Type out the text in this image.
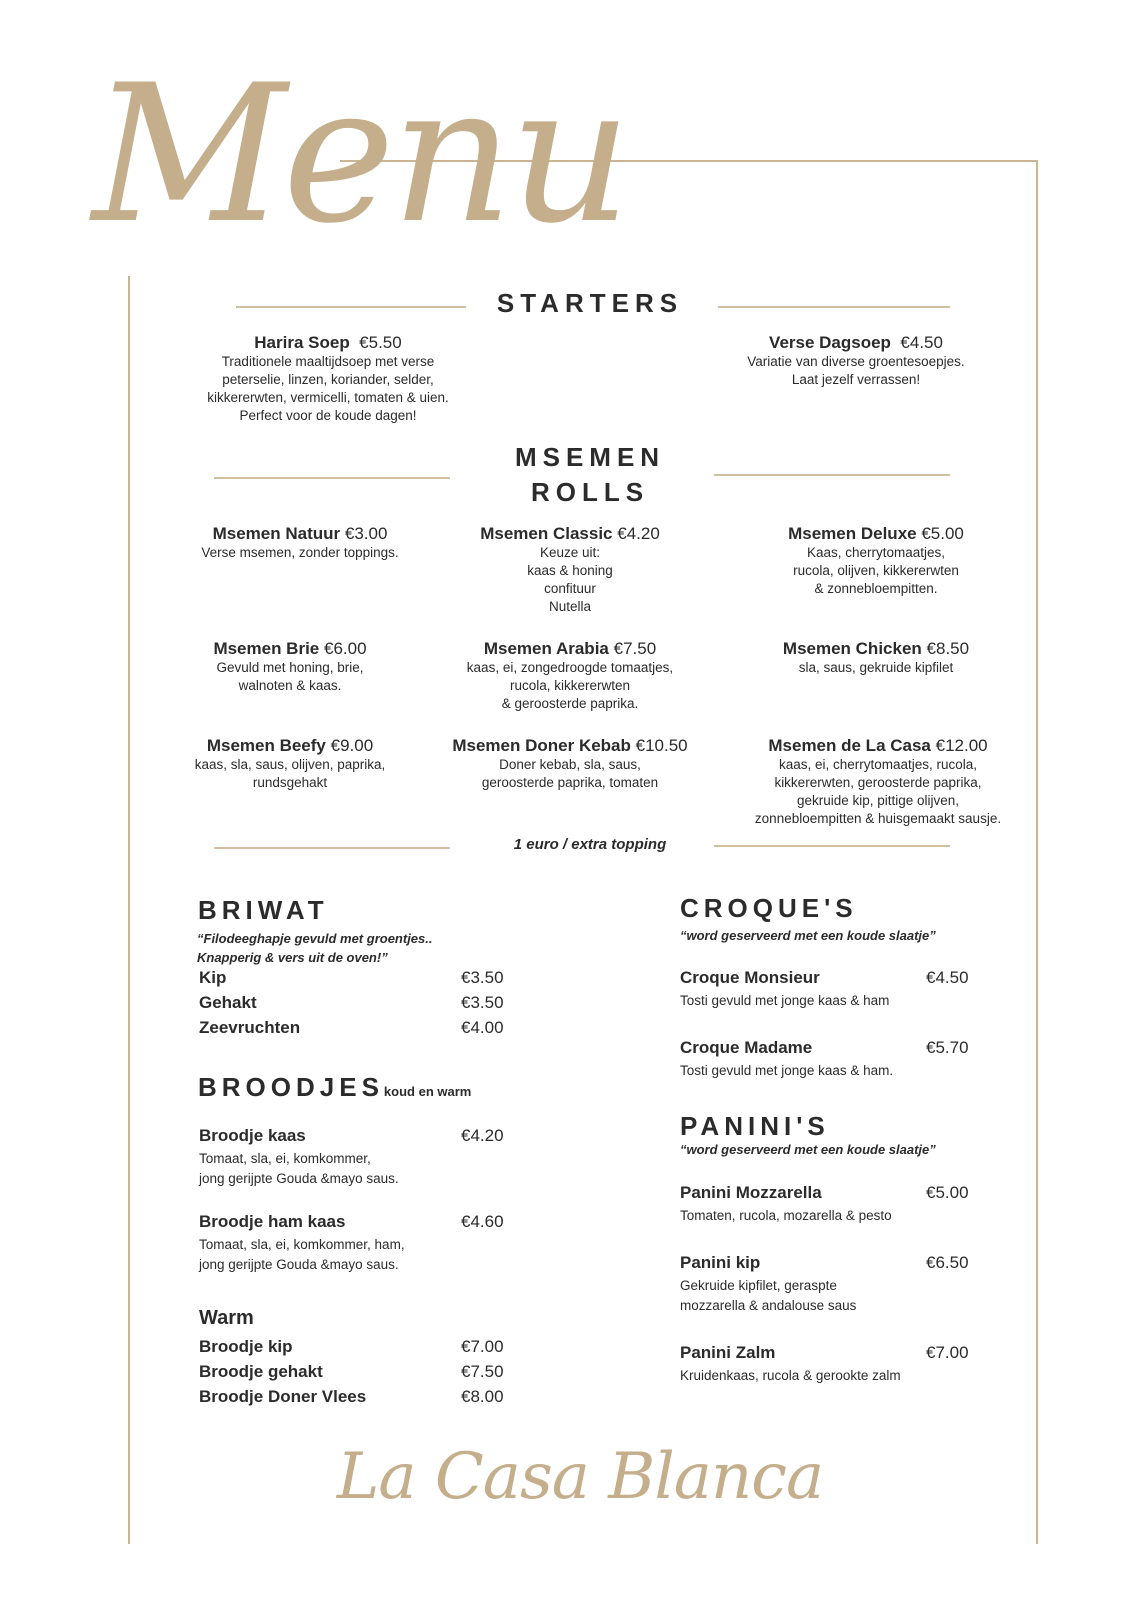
Menu
STARTERS
Harira Soep €5.50
Traditionele maaltijdsoep met verse
peterselie, linzen, koriander, selder,
kikkererwten, vermicelli, tomaten & uien.
Perfect voor de koude dagen!
Verse Dagsoep €4.50
Variatie van diverse groentesoepjes.
Laat jezelf verrassen!
MSEMEN
ROLLS
Msemen Natuur €3.00
Verse msemen, zonder toppings.
Msemen Classic €4.20
Keuze uit:
kaas & honing
confituur
Nutella
Msemen Deluxe €5.00
Kaas, cherrytomaatjes,
rucola, olijven, kikkererwten
& zonnebloempitten.
Msemen Brie €6.00
Gevuld met honing, brie,
walnoten & kaas.
Msemen Arabia €7.50
kaas, ei, zongedroogde tomaatjes,
rucola, kikkererwten
& geroosterde paprika.
Msemen Chicken €8.50
sla, saus, gekruide kipfilet
Msemen Beefy €9.00
kaas, sla, saus, olijven, paprika,
rundsgehakt
Msemen Doner Kebab €10.50
Doner kebab, sla, saus,
geroosterde paprika, tomaten
Msemen de La Casa €12.00
kaas, ei, cherrytomaatjes, rucola,
kikkererwten, geroosterde paprika,
gekruide kip, pittige olijven,
zonnebloempitten & huisgemaakt sausje.
1 euro / extra topping
BRIWAT
“Filodeeghapje gevuld met groentjes..
Knapperig & vers uit de oven!”
Kip	€3.50
Gehakt	€3.50
Zeevruchten	€4.00
BROODJESkoud en warm
Broodje kaas	€4.20
Tomaat, sla, ei, komkommer,
jong gerijpte Gouda &mayo saus.
Broodje ham kaas	€4.60
Tomaat, sla, ei, komkommer, ham,
jong gerijpte Gouda &mayo saus.
Warm
Broodje kip	€7.00
Broodje gehakt	€7.50
Broodje Doner Vlees	€8.00
CROQUE'S
“word geserveerd met een koude slaatje”
Croque Monsieur	€4.50
Tosti gevuld met jonge kaas & ham
Croque Madame	€5.70
Tosti gevuld met jonge kaas & ham.
PANINI'S
“word geserveerd met een koude slaatje”
Panini Mozzarella	€5.00
Tomaten, rucola, mozarella & pesto
Panini kip	€6.50
Gekruide kipfilet, geraspte
mozzarella & andalouse saus
Panini Zalm	€7.00
Kruidenkaas, rucola & gerookte zalm
La Casa Blanca
